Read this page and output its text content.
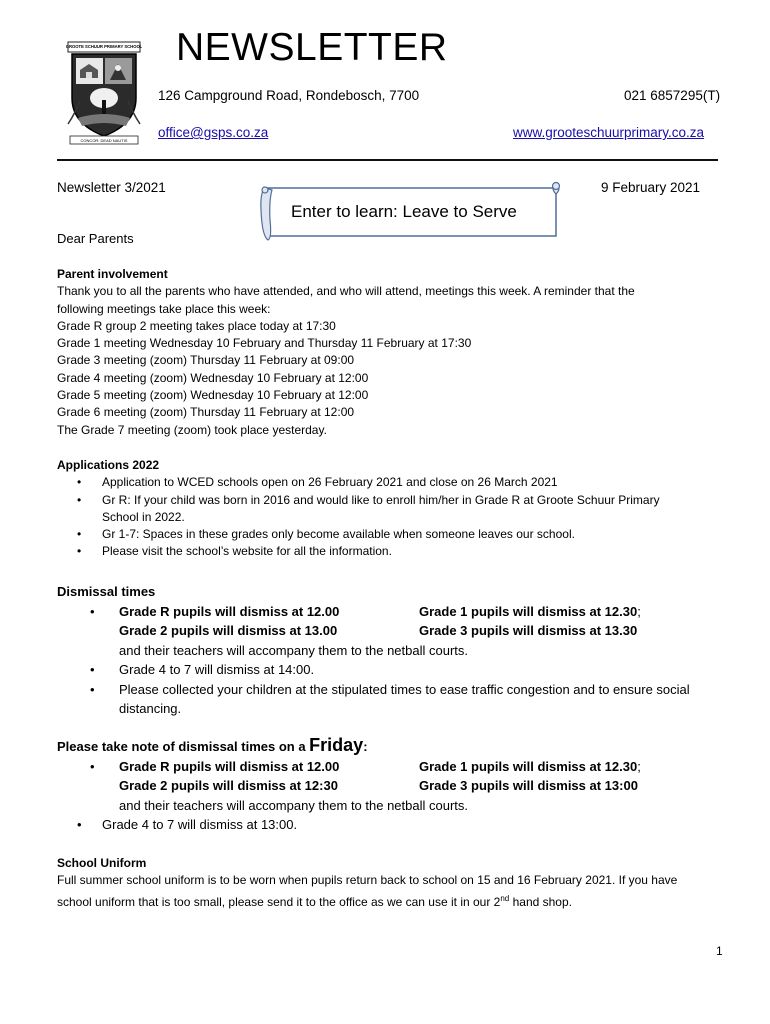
GROOTE SCHUUR PRIMARY SCHOOL
CONCOR: DEAD NAUTIS
NEWSLETTER
126 Campground Road, Rondebosch, 7700	021 6857295(T)
office@gsps.co.za	www.grooteschuurprimary.co.za
Newsletter 3/2021	9 February 2021
Enter to learn: Leave to Serve
Dear Parents
Parent involvement
Thank you to all the parents who have attended, and who will attend, meetings this week. A reminder that the
following meetings take place this week:
Grade R group 2 meeting takes place today at 17:30
Grade 1 meeting Wednesday 10 February and Thursday 11 February at 17:30
Grade 3 meeting (zoom) Thursday 11 February at 09:00
Grade 4 meeting (zoom) Wednesday 10 February at 12:00
Grade 5 meeting (zoom) Wednesday 10 February at 12:00
Grade 6 meeting (zoom) Thursday 11 February at 12:00
The Grade 7 meeting (zoom) took place yesterday.
Applications 2022
• Application to WCED schools open on 26 February 2021 and close on 26 March 2021
• Gr R: If your child was born in 2016 and would like to enroll him/her in Grade R at Groote Schuur Primary School in 2022.
• Gr 1-7: Spaces in these grades only become available when someone leaves our school.
• Please visit the school’s website for all the information.
Dismissal times
• Grade R pupils will dismiss at 12.00	Grade 1 pupils will dismiss at 12.30;
Grade 2 pupils will dismiss at 13.00	Grade 3 pupils will dismiss at 13.30
and their teachers will accompany them to the netball courts.
• Grade 4 to 7 will dismiss at 14:00.
• Please collected your children at the stipulated times to ease traffic congestion and to ensure social distancing.
Please take note of dismissal times on a Friday:
• Grade R pupils will dismiss at 12.00	Grade 1 pupils will dismiss at 12.30;
Grade 2 pupils will dismiss at 12:30	Grade 3 pupils will dismiss at 13:00
and their teachers will accompany them to the netball courts.
• Grade 4 to 7 will dismiss at 13:00.
School Uniform
Full summer school uniform is to be worn when pupils return back to school on 15 and 16 February 2021. If you have
school uniform that is too small, please send it to the office as we can use it in our 2nd hand shop.
1
